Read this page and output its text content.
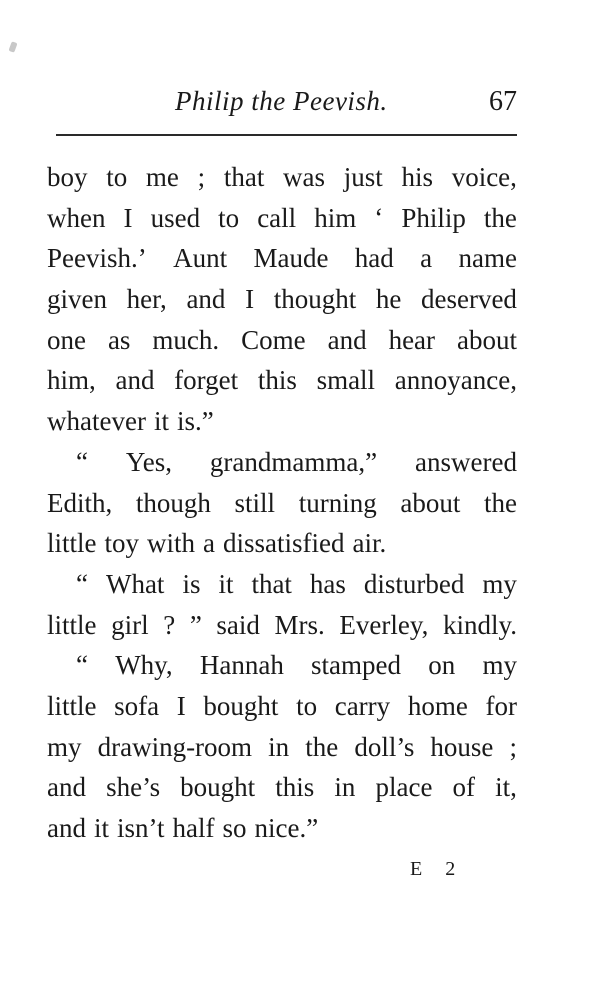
Philip the Peevish.	67
boy to me ; that was just his voice,
when I used to call him ‘ Philip the
Peevish.’ Aunt Maude had a name
given her, and I thought he deserved
one as much. Come and hear about
him, and forget this small annoyance,
whatever it is.”
“ Yes, grandmamma,” answered
Edith, though still turning about the
little toy with a dissatisfied air.
“ What is it that has disturbed my
little girl ? ” said Mrs. Everley, kindly.
“ Why, Hannah stamped on my
little sofa I bought to carry home for
my drawing-room in the doll’s house ;
and she’s bought this in place of it,
and it isn’t half so nice.”
E 2
